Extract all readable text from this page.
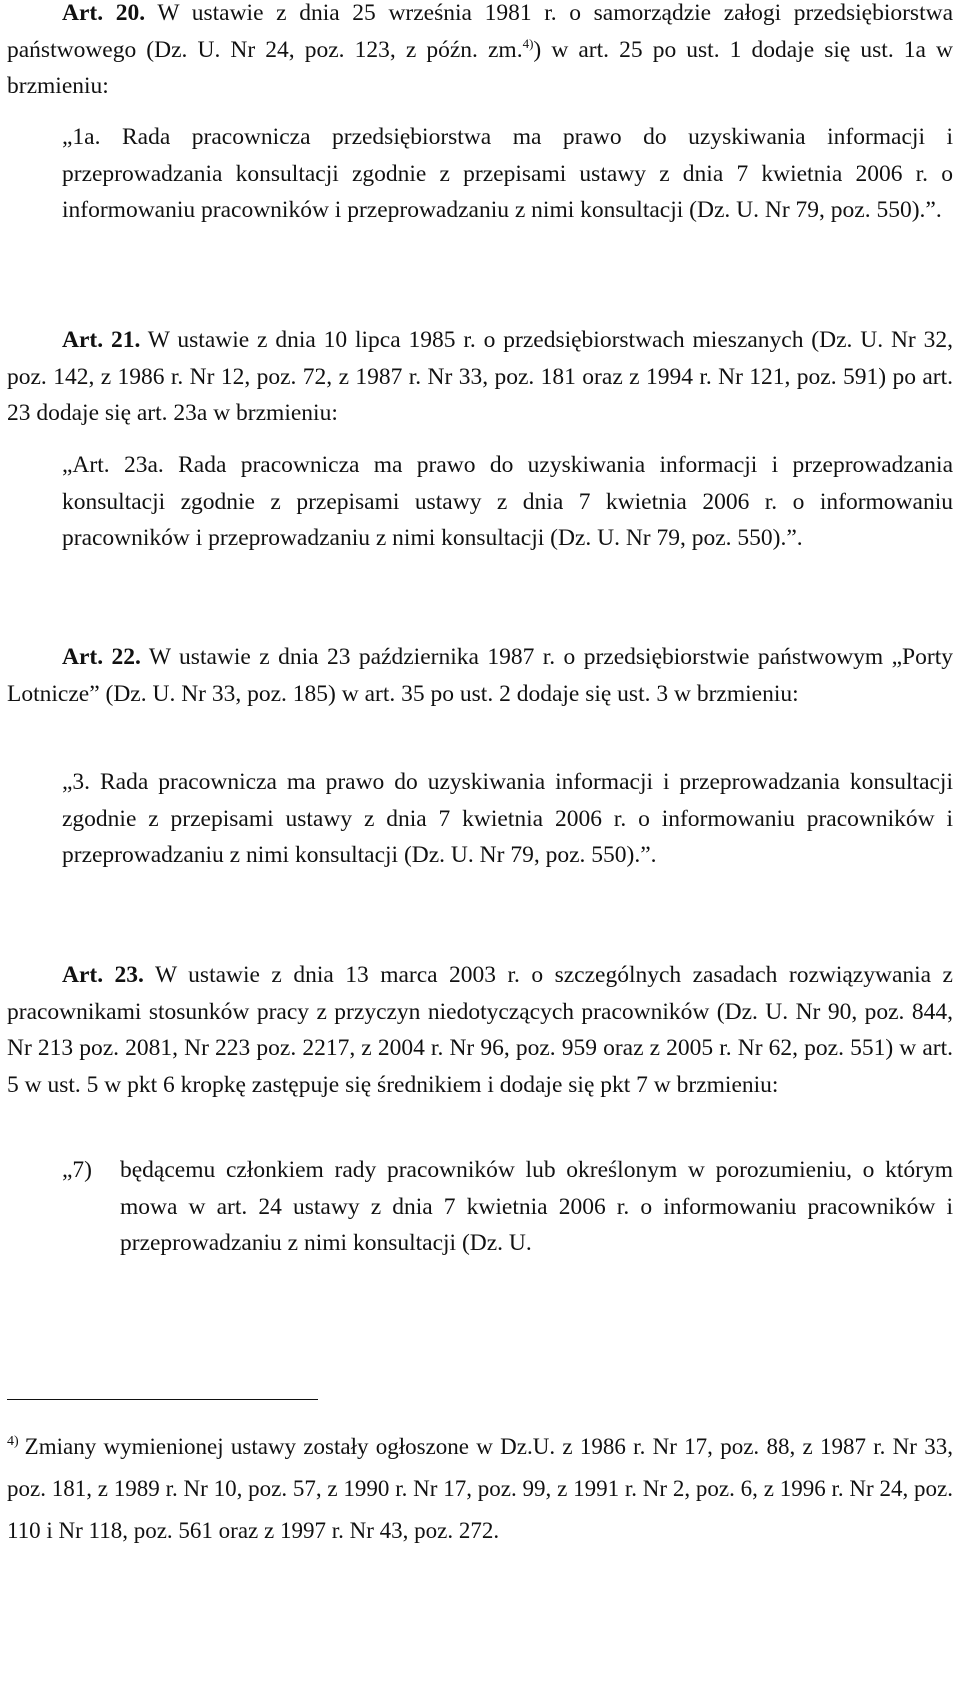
Art. 20. W ustawie z dnia 25 września 1981 r. o samorządzie załogi przedsiębiorstwa państwowego (Dz. U. Nr 24, poz. 123, z późn. zm.$^{4)}$) w art. 25 po ust. 1 dodaje się ust. 1a w brzmieniu:

„1a. Rada pracownicza przedsiębiorstwa ma prawo do uzyskiwania informacji i przeprowadzania konsultacji zgodnie z przepisami ustawy z dnia 7 kwietnia 2006 r. o informowaniu pracowników i przeprowadzaniu z nimi konsultacji (Dz. U. Nr 79, poz. 550).”.

Art. 21. W ustawie z dnia 10 lipca 1985 r. o przedsiębiorstwach mieszanych (Dz. U. Nr 32, poz. 142, z 1986 r. Nr 12, poz. 72, z 1987 r. Nr 33, poz. 181 oraz z 1994 r. Nr 121, poz. 591) po art. 23 dodaje się art. 23a w brzmieniu:

„Art. 23a. Rada pracownicza ma prawo do uzyskiwania informacji i przeprowadzania konsultacji zgodnie z przepisami ustawy z dnia 7 kwietnia 2006 r. o informowaniu pracowników i przeprowadzaniu z nimi konsultacji (Dz. U. Nr 79, poz. 550).”.

Art. 22. W ustawie z dnia 23 października 1987 r. o przedsiębiorstwie państwowym „Porty Lotnicze” (Dz. U. Nr 33, poz. 185) w art. 35 po ust. 2 dodaje się ust. 3 w brzmieniu:

„3. Rada pracownicza ma prawo do uzyskiwania informacji i przeprowadzania konsultacji zgodnie z przepisami ustawy z dnia 7 kwietnia 2006 r. o informowaniu pracowników i przeprowadzaniu z nimi konsultacji (Dz. U. Nr 79, poz. 550).”.

Art. 23. W ustawie z dnia 13 marca 2003 r. o szczególnych zasadach rozwiązywania z pracownikami stosunków pracy z przyczyn niedotyczących pracowników (Dz. U. Nr 90, poz. 844, Nr 213 poz. 2081, Nr 223 poz. 2217, z 2004 r. Nr 96, poz. 959 oraz z 2005 r. Nr 62, poz. 551) w art. 5 w ust. 5 w pkt 6 kropkę zastępuje się średnikiem i dodaje się pkt 7 w brzmieniu:

„7) będącemu członkiem rady pracowników lub określonym w porozumieniu, o którym mowa w art. 24 ustawy z dnia 7 kwietnia 2006 r. o informowaniu pracowników i przeprowadzaniu z nimi konsultacji (Dz. U.

$^{4)}$ Zmiany wymienionej ustawy zostały ogłoszone w Dz.U. z 1986 r. Nr 17, poz. 88, z 1987 r. Nr 33, poz. 181, z 1989 r. Nr 10, poz. 57, z 1990 r. Nr 17, poz. 99, z 1991 r. Nr 2, poz. 6, z 1996 r. Nr 24, poz. 110 i Nr 118, poz. 561 oraz z 1997 r. Nr 43, poz. 272.
